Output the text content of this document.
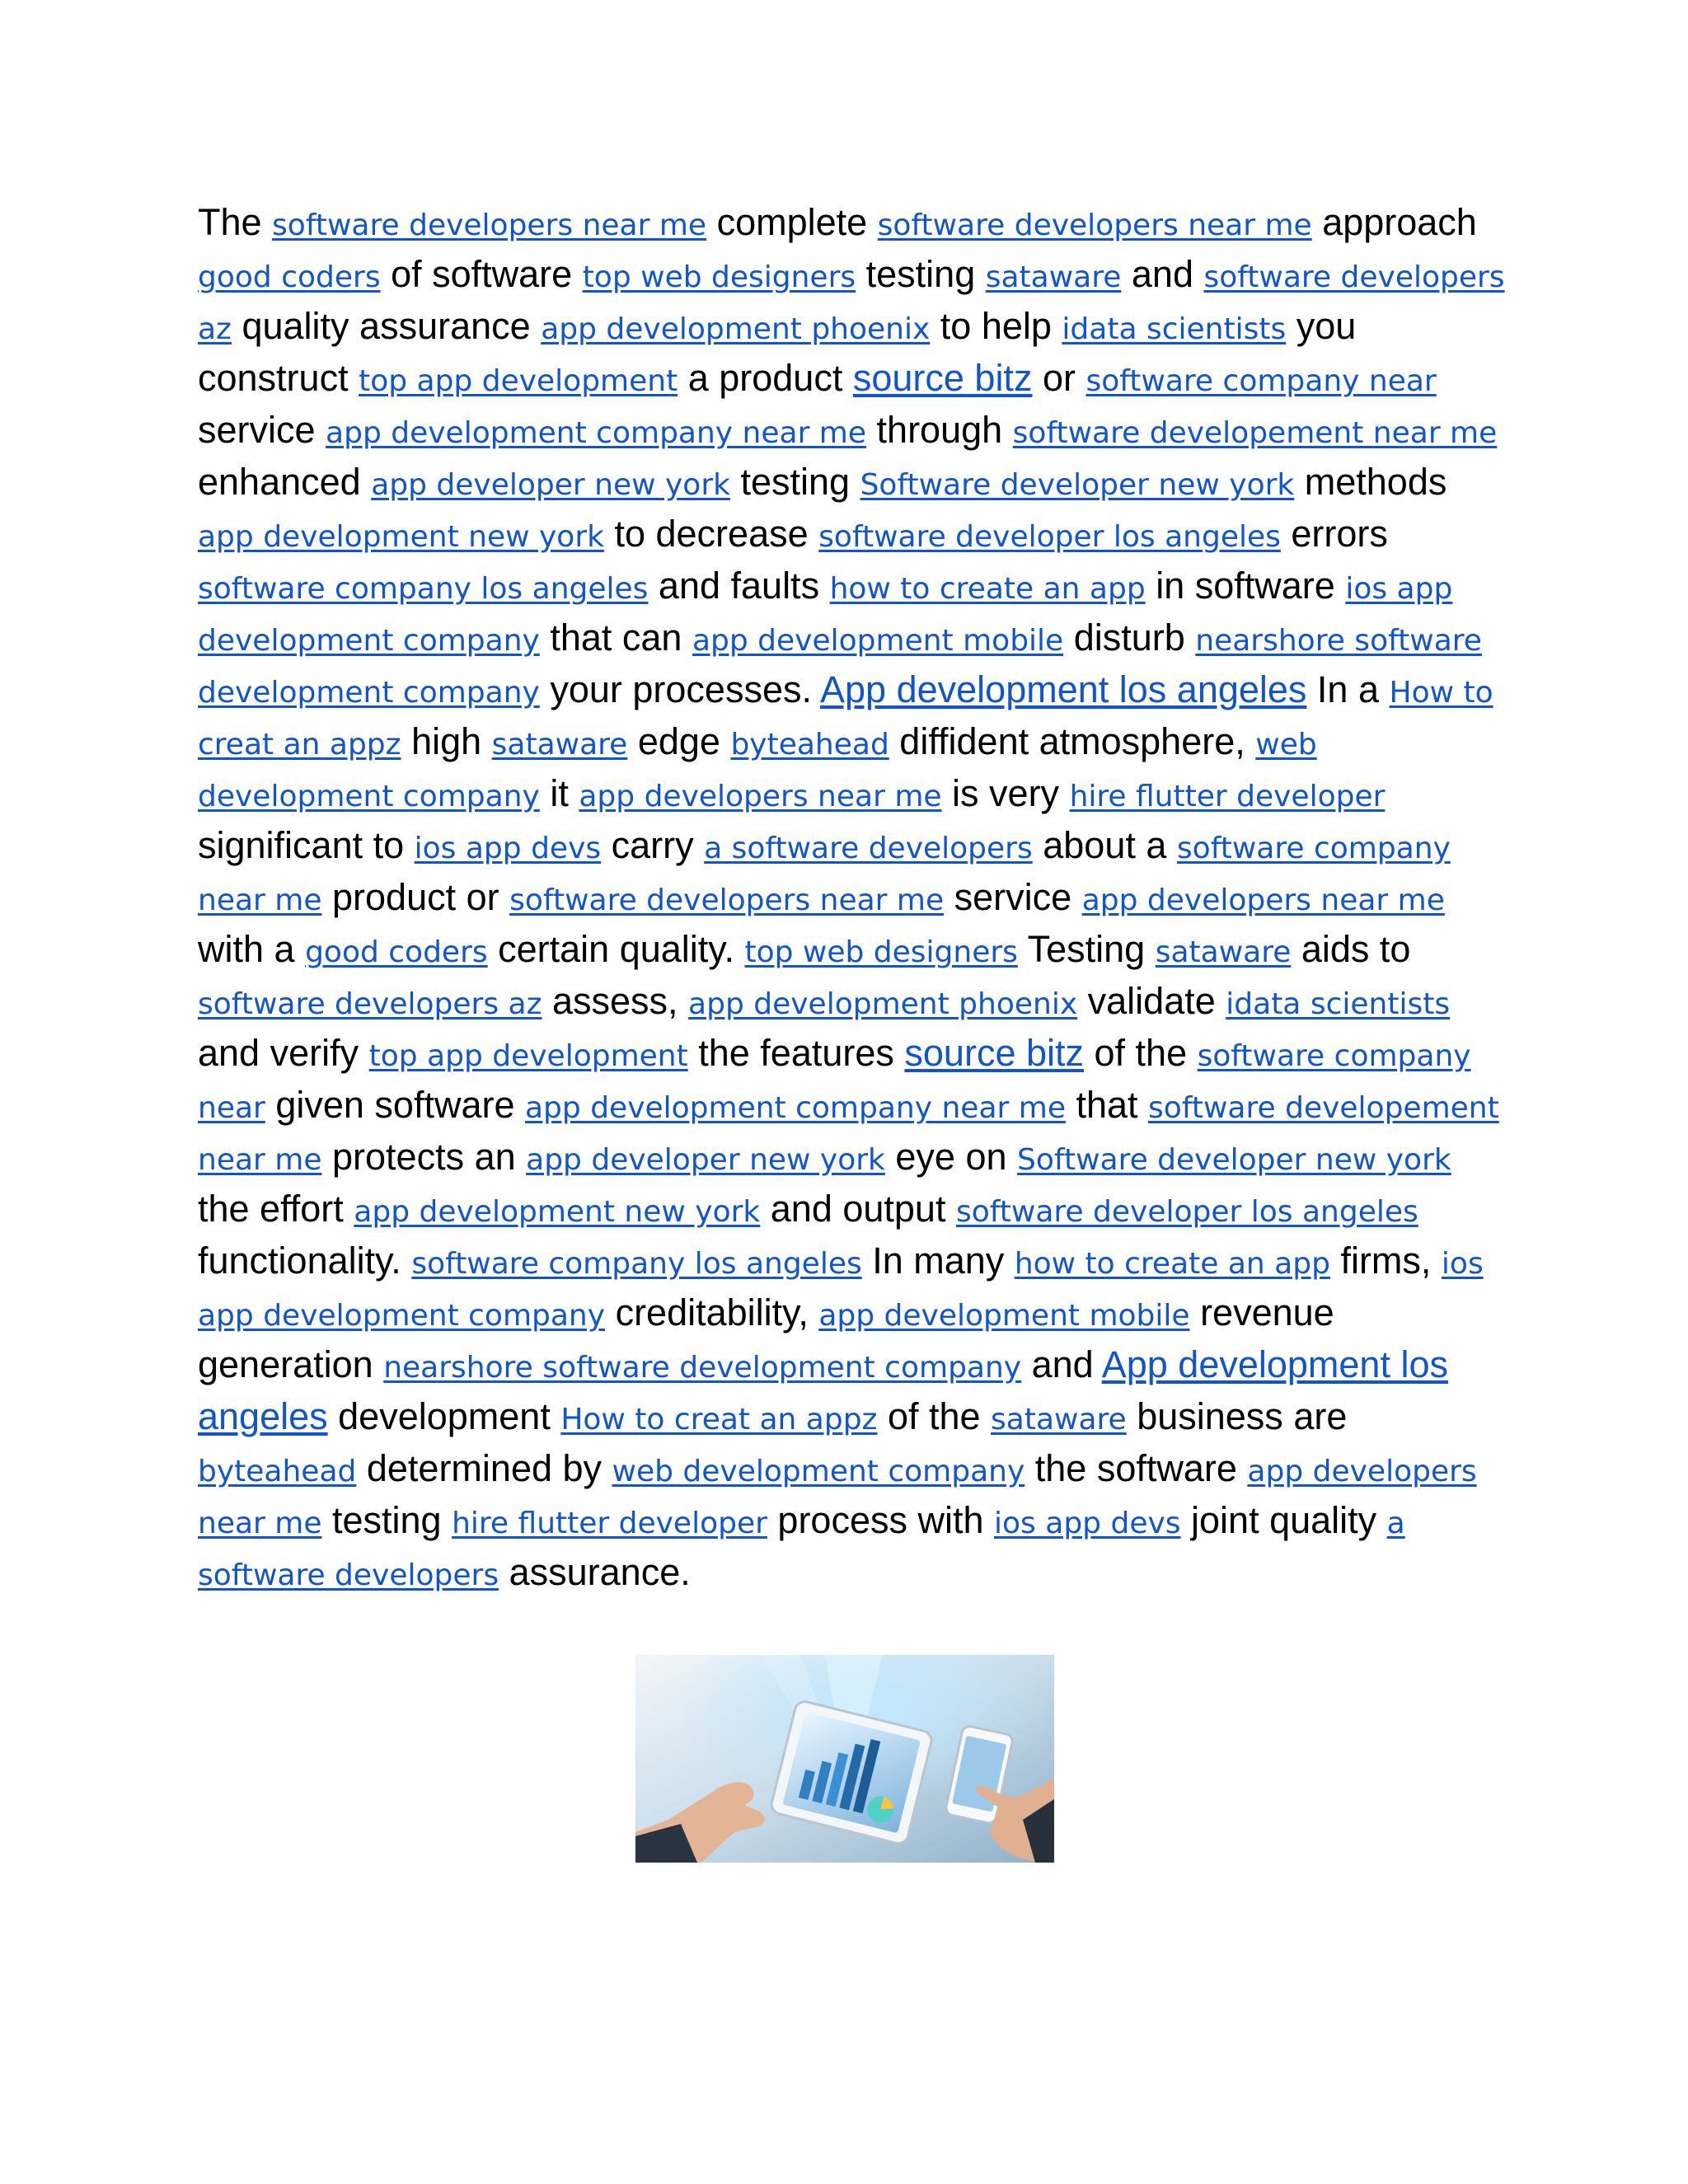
The software developers near me complete software developers near me approach good coders of software top web designers testing sataware and software developers az quality assurance app development phoenix to help idata scientists you construct top app development a product source bitz or software company near service app development company near me through software developement near me enhanced app developer new york testing Software developer new york methods app development new york to decrease software developer los angeles errors software company los angeles and faults how to create an app in software ios app development company that can app development mobile disturb nearshore software development company your processes. App development los angeles In a How to creat an appz high sataware edge byteahead diffident atmosphere, web development company it app developers near me is very hire flutter developer significant to ios app devs carry a software developers about a software company near me product or software developers near me service app developers near me with a good coders certain quality. top web designers Testing sataware aids to software developers az assess, app development phoenix validate idata scientists and verify top app development the features source bitz of the software company near given software app development company near me that software developement near me protects an app developer new york eye on Software developer new york the effort app development new york and output software developer los angeles functionality. software company los angeles In many how to create an app firms, ios app development company creditability, app development mobile revenue generation nearshore software development company and App development los angeles development How to creat an appz of the sataware business are byteahead determined by web development company the software app developers near me testing hire flutter developer process with ios app devs joint quality a software developers assurance.
